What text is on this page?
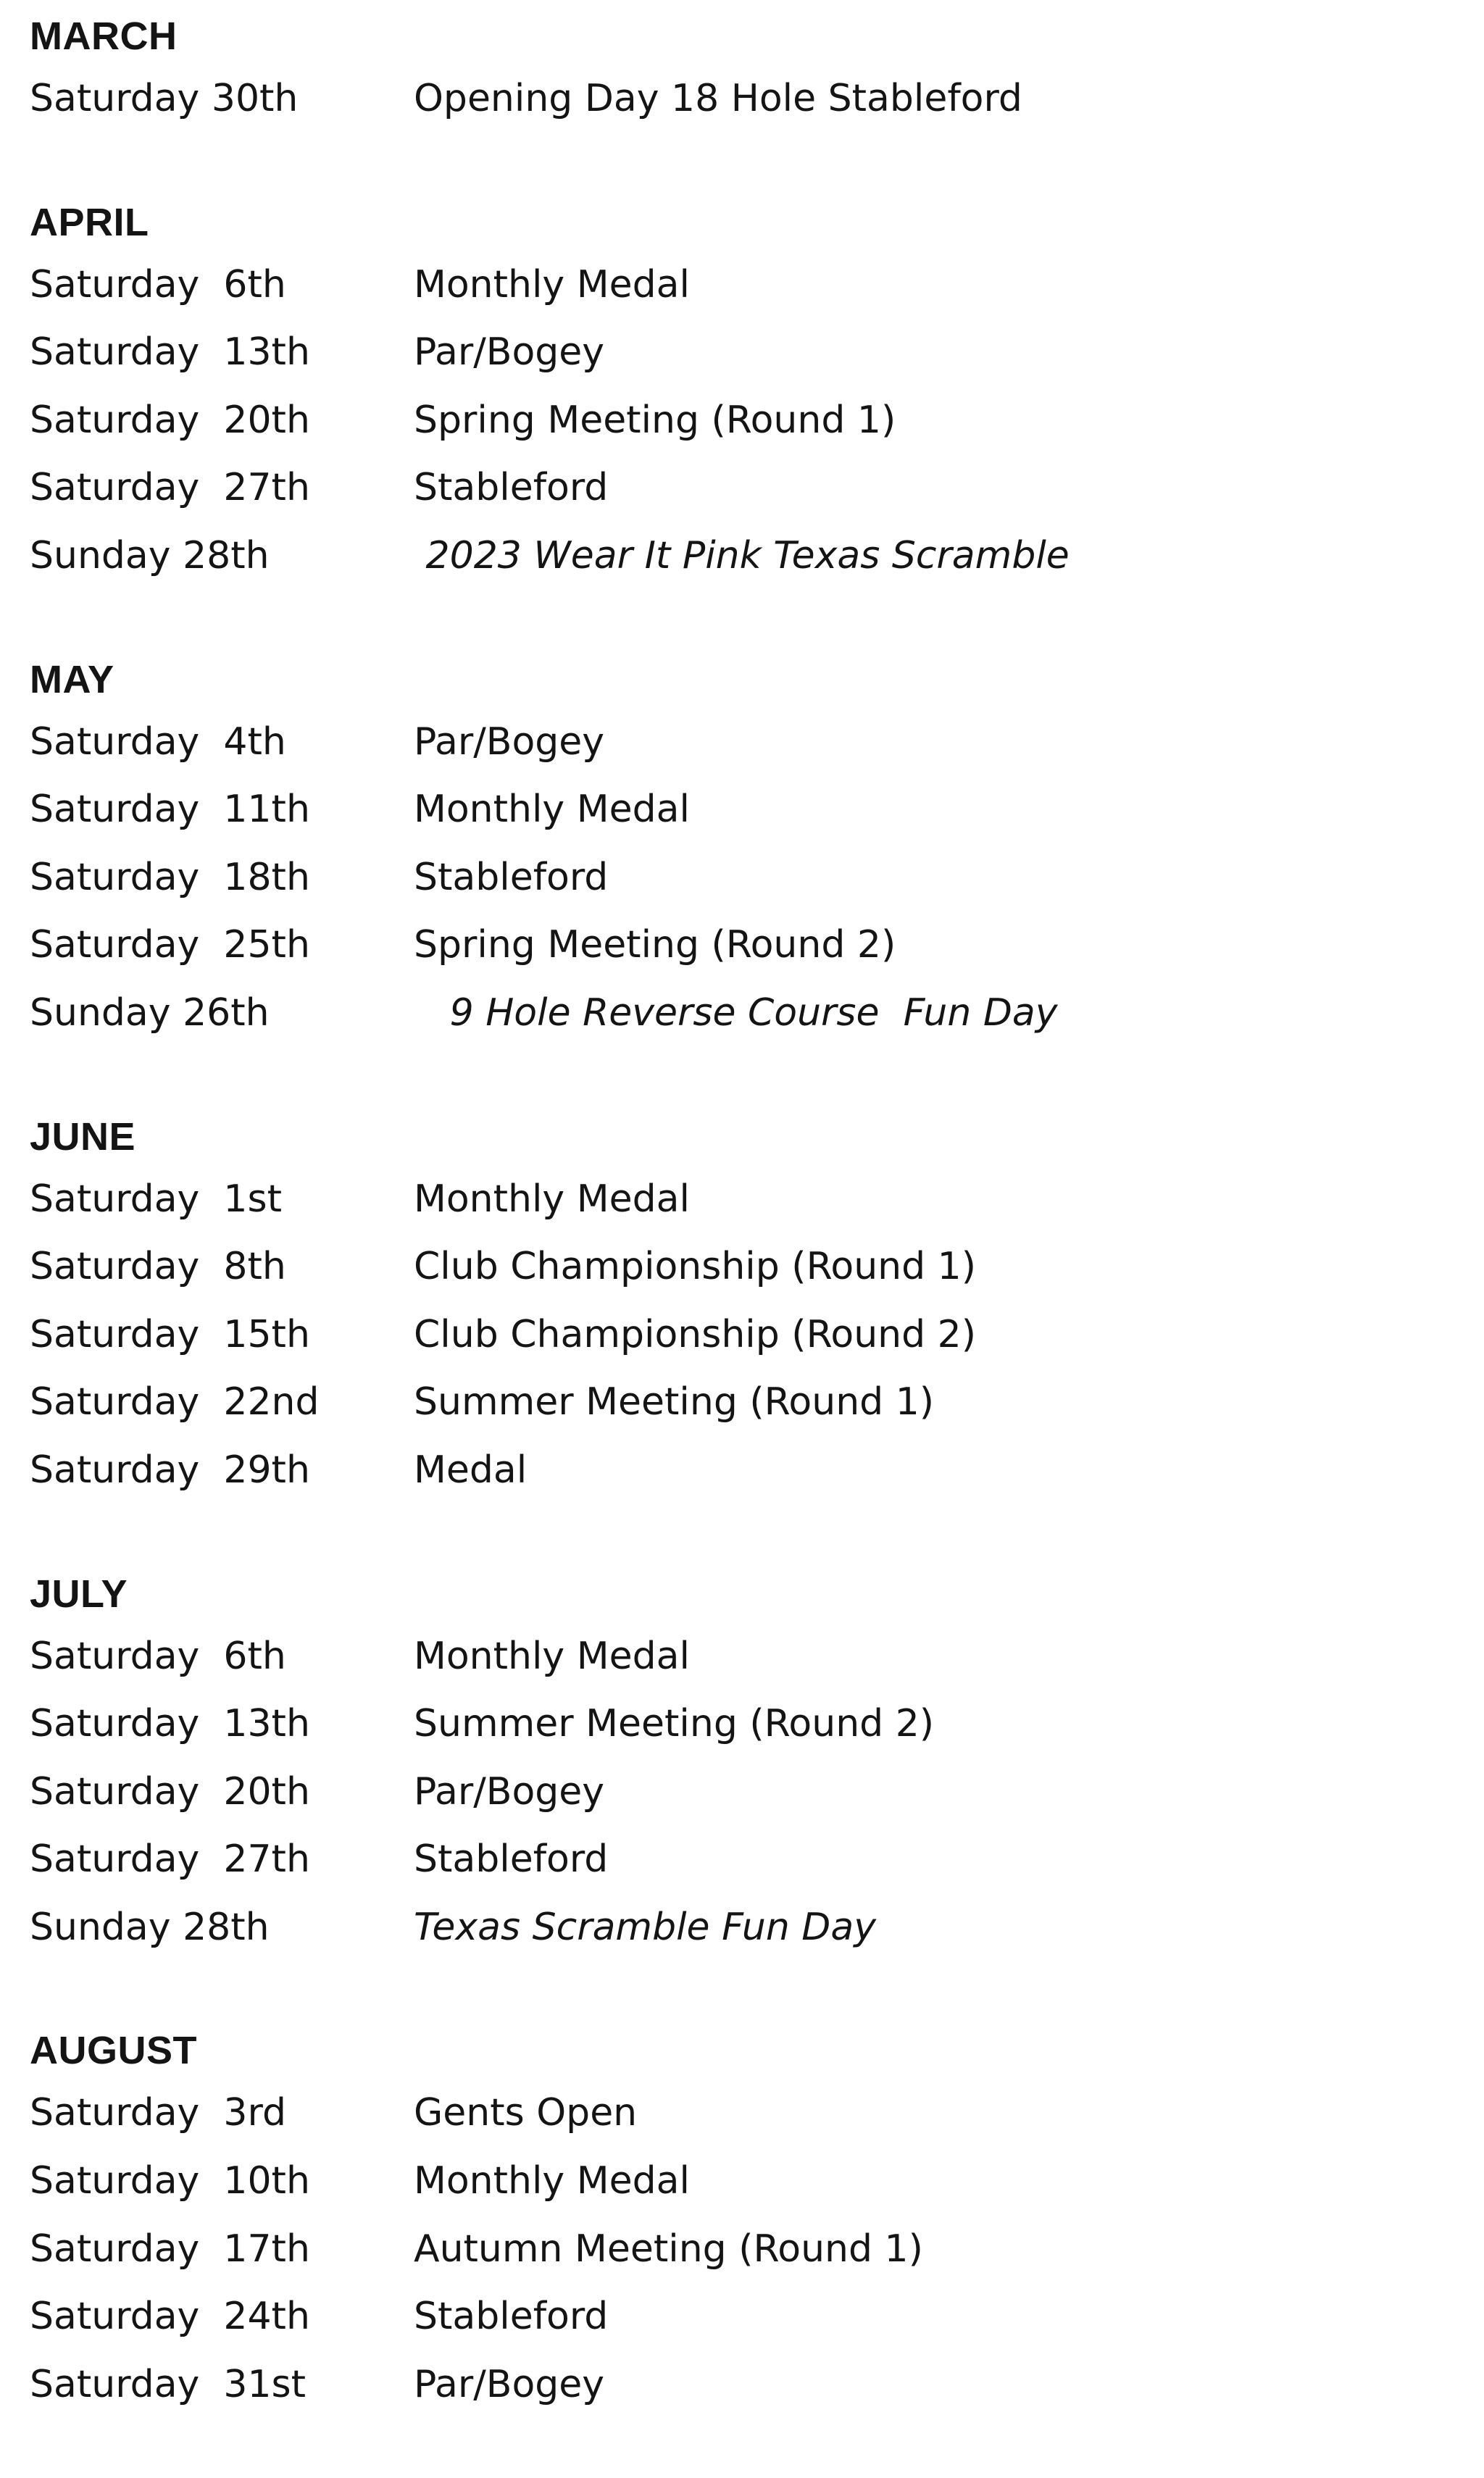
MARCH
Saturday 30th	Opening Day 18 Hole Stableford
APRIL
Saturday  6th	Monthly Medal
Saturday  13th	Par/Bogey
Saturday  20th	Spring Meeting (Round 1)
Saturday  27th	Stableford
Sunday 28th	2023 Wear It Pink Texas Scramble
MAY
Saturday  4th	Par/Bogey
Saturday  11th	Monthly Medal
Saturday  18th	Stableford
Saturday  25th	Spring Meeting (Round 2)
Sunday 26th	9 Hole Reverse Course  Fun Day
JUNE
Saturday  1st	Monthly Medal
Saturday  8th	Club Championship (Round 1)
Saturday  15th	Club Championship (Round 2)
Saturday  22nd	Summer Meeting (Round 1)
Saturday  29th	Medal
JULY
Saturday  6th	Monthly Medal
Saturday  13th	Summer Meeting (Round 2)
Saturday  20th	Par/Bogey
Saturday  27th	Stableford
Sunday 28th	Texas Scramble Fun Day
AUGUST
Saturday  3rd	Gents Open
Saturday  10th	Monthly Medal
Saturday  17th	Autumn Meeting (Round 1)
Saturday  24th	Stableford
Saturday  31st	Par/Bogey
